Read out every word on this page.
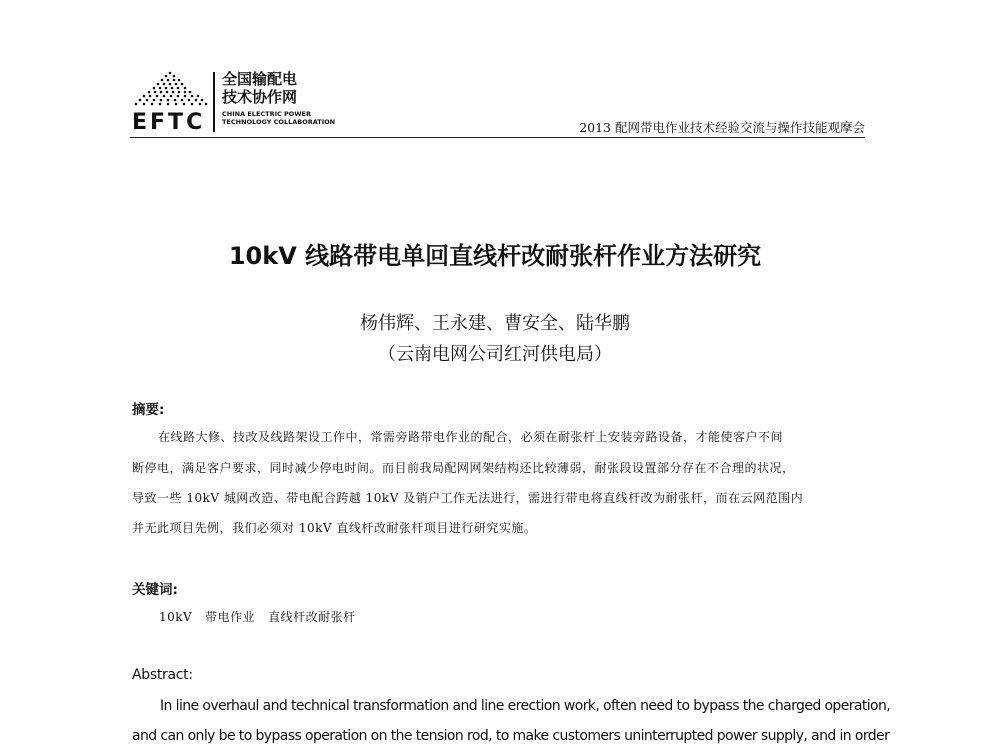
EFTC
全国输配电
技术协作网
CHINA ELECTRIC POWER
TECHNOLOGY COLLABORATION	2013 配网带电作业技术经验交流与操作技能观摩会
10kV 线路带电单回直线杆改耐张杆作业方法研究
杨伟辉、王永建、曹安全、陆华鹏
（云南电网公司红河供电局）
摘要:
在线路大修、技改及线路架设工作中，常需旁路带电作业的配合，必须在耐张杆上安装旁路设备，才能使客户不间
断停电，满足客户要求，同时减少停电时间。而目前我局配网网架结构还比较薄弱，耐张段设置部分存在不合理的状况，
导致一些 10kV 城网改造、带电配合跨越 10kV 及销户工作无法进行，需进行带电将直线杆改为耐张杆，而在云网范围内
并无此项目先例，我们必须对 10kV 直线杆改耐张杆项目进行研究实施。
关键词:
10kV   带电作业   直线杆改耐张杆
Abstract:
In line overhaul and technical transformation and line erection work, often need to bypass the charged operation,
and can only be to bypass operation on the tension rod, to make customers uninterrupted power supply, and in order
